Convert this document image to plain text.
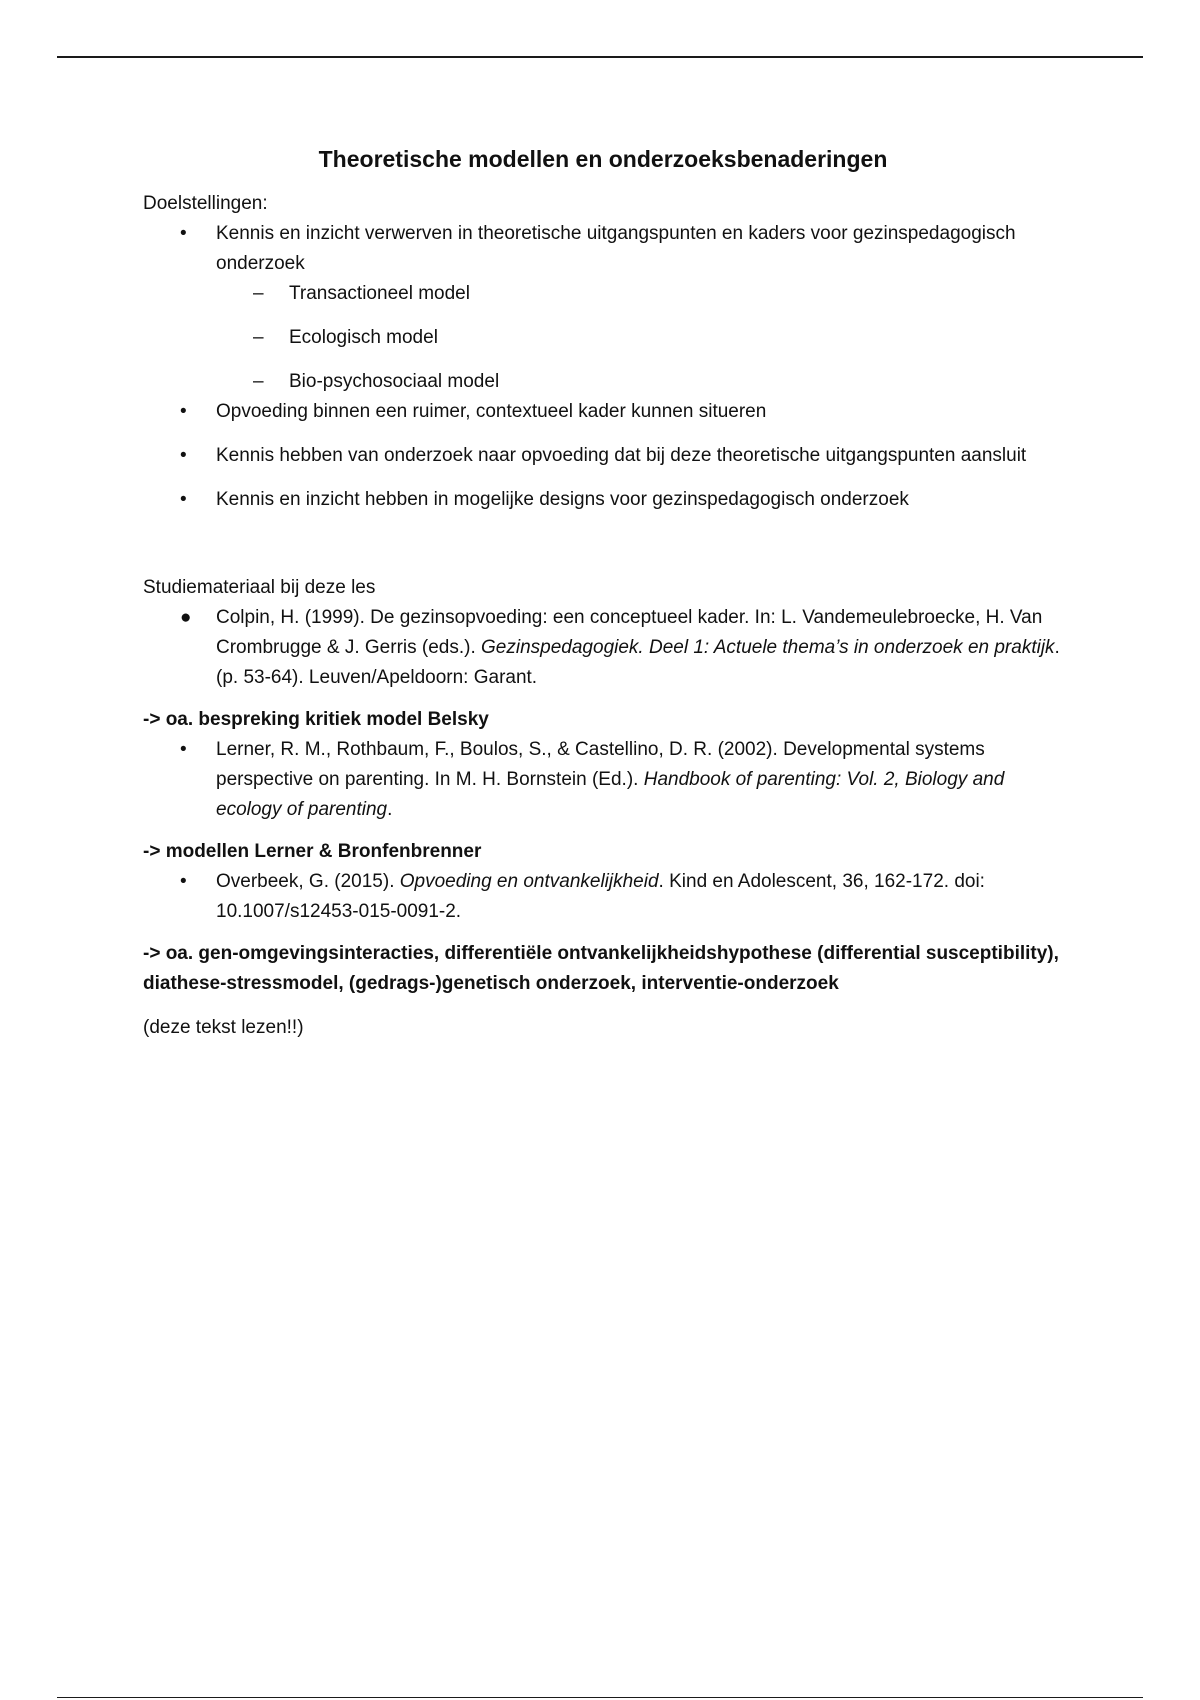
Theoretische modellen en onderzoeksbenaderingen

Doelstellingen:

•	Kennis en inzicht verwerven in theoretische uitgangspunten en kaders voor gezinspedagogisch onderzoek
– Transactioneel model
– Ecologisch model
– Bio-psychosociaal model
•	Opvoeding binnen een ruimer, contextueel kader kunnen situeren
•	Kennis hebben van onderzoek naar opvoeding dat bij deze theoretische uitgangspunten aansluit
•	Kennis en inzicht hebben in mogelijke designs voor gezinspedagogisch onderzoek

Studiemateriaal bij deze les

●	Colpin, H. (1999). De gezinsopvoeding: een conceptueel kader. In: L. Vandemeulebroecke, H. Van Crombrugge & J. Gerris (eds.). Gezinspedagogiek. Deel 1: Actuele thema’s in onderzoek en praktijk. (p. 53-64). Leuven/Apeldoorn: Garant.

-> oa. bespreking kritiek model Belsky

•	Lerner, R. M., Rothbaum, F., Boulos, S., & Castellino, D. R. (2002). Developmental systems perspective on parenting. In M. H. Bornstein (Ed.). Handbook of parenting: Vol. 2, Biology and ecology of parenting.

-> modellen Lerner & Bronfenbrenner

•	Overbeek, G. (2015). Opvoeding en ontvankelijkheid. Kind en Adolescent, 36, 162-172. doi: 10.1007/s12453-015-0091-2.

-> oa. gen-omgevingsinteracties, differentiële ontvankelijkheidshypothese (differential susceptibility), diathese-stressmodel, (gedrags-)genetisch onderzoek, interventie-onderzoek

(deze tekst lezen!!)
